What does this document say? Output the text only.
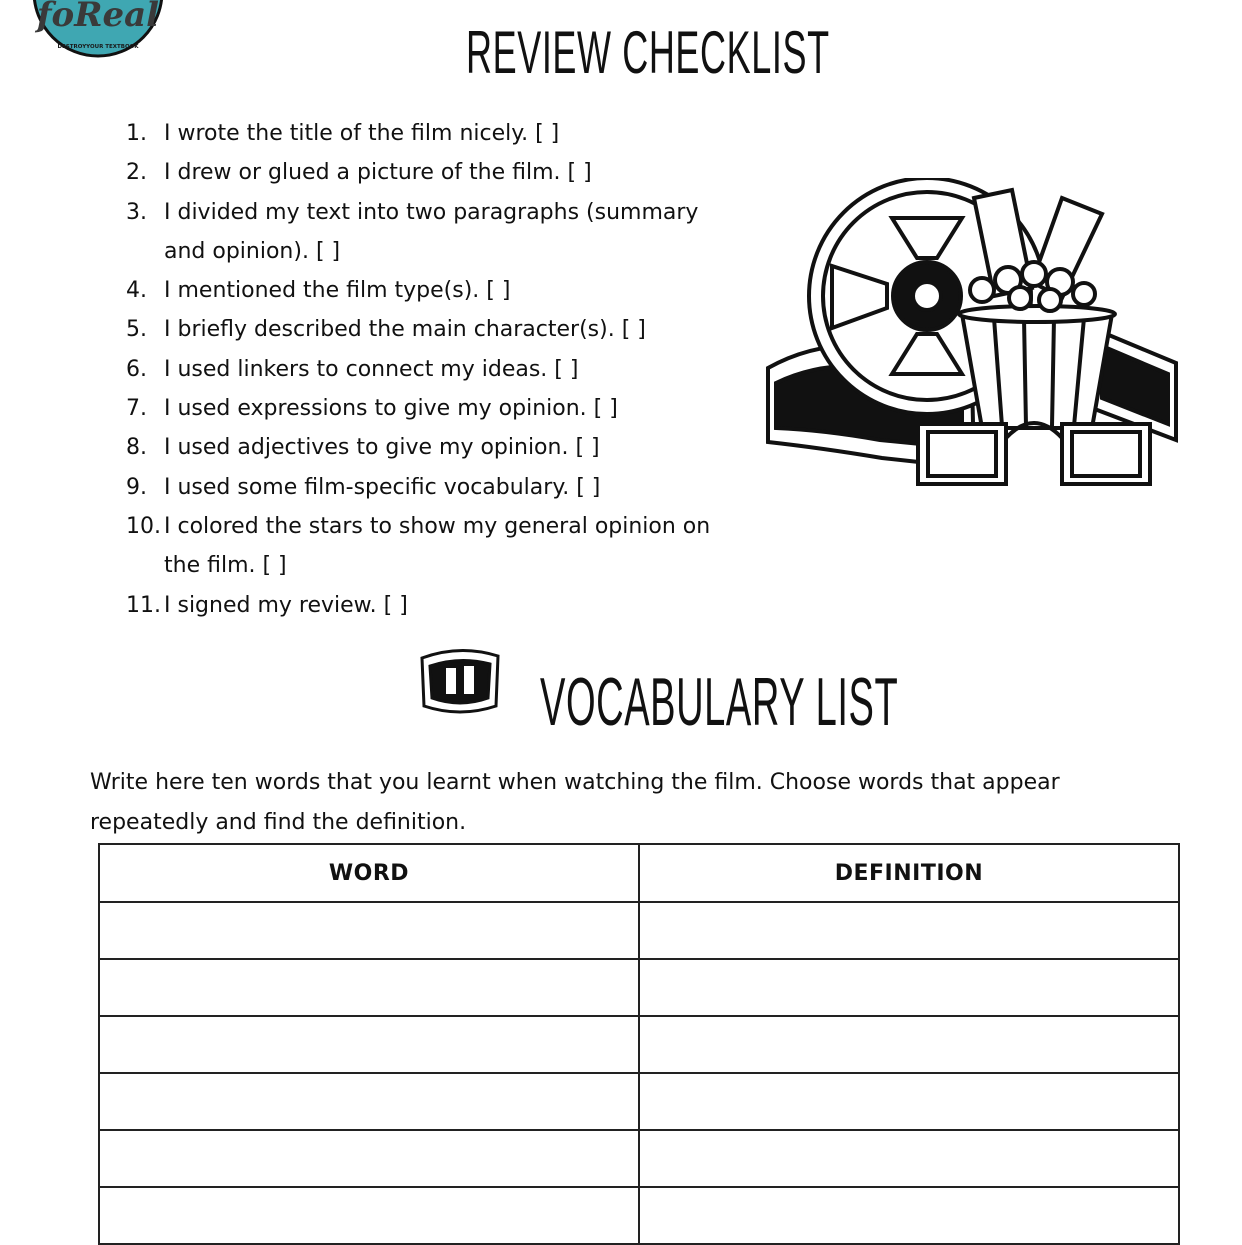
foReal
DESTROYYOUR TEXTBOOK	REVIEW CHECKLIST
1. I wrote the title of the film nicely. [ ]
2. I drew or glued a picture of the film. [ ]
3. I divided my text into two paragraphs (summary
and opinion). [ ]
4. I mentioned the film type(s). [ ]
5. I briefly described the main character(s). [ ]
6. I used linkers to connect my ideas. [ ]
7. I used expressions to give my opinion. [ ]
8. I used adjectives to give my opinion. [ ]
9. I used some film-specific vocabulary. [ ]
10. I colored the stars to show my general opinion on
the film. [ ]
11. I signed my review. [ ]
VOCABULARY LIST

Write here ten words that you learnt when watching the film. Choose words that appear repeatedly and find the definition.

WORD	DEFINITION
